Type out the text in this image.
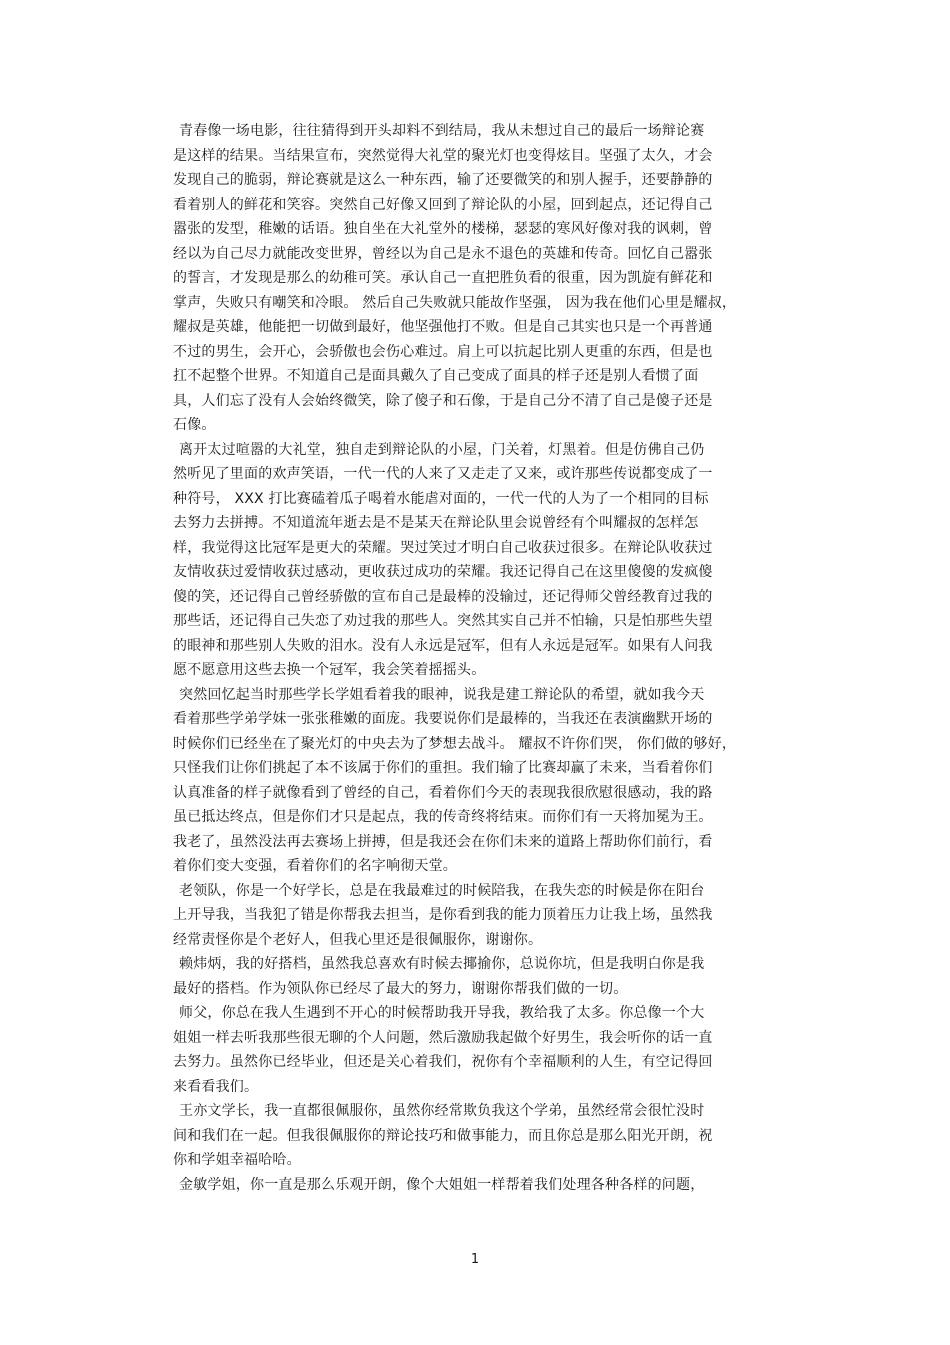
青春像一场电影，往往猜得到开头却料不到结局，我从未想过自己的最后一场辩论赛
是这样的结果。当结果宣布，突然觉得大礼堂的聚光灯也变得炫目。坚强了太久，才会
发现自己的脆弱，辩论赛就是这么一种东西，输了还要微笑的和别人握手，还要静静的
看着别人的鲜花和笑容。突然自己好像又回到了辩论队的小屋，回到起点，还记得自己
嚣张的发型，稚嫩的话语。独自坐在大礼堂外的楼梯，瑟瑟的寒风好像对我的讽刺，曾
经以为自己尽力就能改变世界，曾经以为自己是永不退色的英雄和传奇。回忆自己嚣张
的誓言，才发现是那么的幼稚可笑。承认自己一直把胜负看的很重，因为凯旋有鲜花和
掌声，失败只有嘲笑和冷眼。 然后自己失败就只能故作坚强， 因为我在他们心里是耀叔，
耀叔是英雄，他能把一切做到最好，他坚强他打不败。但是自己其实也只是一个再普通
不过的男生，会开心，会骄傲也会伤心难过。肩上可以抗起比别人更重的东西，但是也
扛不起整个世界。不知道自己是面具戴久了自己变成了面具的样子还是别人看惯了面
具，人们忘了没有人会始终微笑，除了傻子和石像，于是自己分不清了自己是傻子还是
石像。
离开太过喧嚣的大礼堂，独自走到辩论队的小屋，门关着，灯黑着。但是仿佛自己仍
然听见了里面的欢声笑语，一代一代的人来了又走走了又来，或许那些传说都变成了一
种符号， XXX 打比赛磕着瓜子喝着水能虐对面的，一代一代的人为了一个相同的目标
去努力去拼搏。不知道流年逝去是不是某天在辩论队里会说曾经有个叫耀叔的怎样怎
样，我觉得这比冠军是更大的荣耀。哭过笑过才明白自己收获过很多。在辩论队收获过
友情收获过爱情收获过感动，更收获过成功的荣耀。我还记得自己在这里傻傻的发疯傻
傻的笑，还记得自己曾经骄傲的宣布自己是最棒的没输过，还记得师父曾经教育过我的
那些话，还记得自己失恋了劝过我的那些人。突然其实自己并不怕输，只是怕那些失望
的眼神和那些别人失败的泪水。没有人永远是冠军，但有人永远是冠军。如果有人问我
愿不愿意用这些去换一个冠军，我会笑着摇摇头。
突然回忆起当时那些学长学姐看着我的眼神，说我是建工辩论队的希望，就如我今天
看着那些学弟学妹一张张稚嫩的面庞。我要说你们是最棒的，当我还在表演幽默开场的
时候你们已经坐在了聚光灯的中央去为了梦想去战斗。 耀叔不许你们哭， 你们做的够好，
只怪我们让你们挑起了本不该属于你们的重担。我们输了比赛却赢了未来，当看着你们
认真准备的样子就像看到了曾经的自己，看着你们今天的表现我很欣慰很感动，我的路
虽已抵达终点，但是你们才只是起点，我的传奇终将结束。而你们有一天将加冕为王。
我老了，虽然没法再去赛场上拼搏，但是我还会在你们未来的道路上帮助你们前行，看
着你们变大变强，看着你们的名字响彻天堂。
老领队，你是一个好学长，总是在我最难过的时候陪我，在我失恋的时候是你在阳台
上开导我，当我犯了错是你帮我去担当，是你看到我的能力顶着压力让我上场，虽然我
经常责怪你是个老好人，但我心里还是很佩服你，谢谢你。
赖炜炳，我的好搭档，虽然我总喜欢有时候去揶揄你，总说你坑，但是我明白你是我
最好的搭档。作为领队你已经尽了最大的努力，谢谢你帮我们做的一切。
师父，你总在我人生遇到不开心的时候帮助我开导我，教给我了太多。你总像一个大
姐姐一样去听我那些很无聊的个人问题，然后激励我起做个好男生，我会听你的话一直
去努力。虽然你已经毕业，但还是关心着我们，祝你有个幸福顺利的人生，有空记得回
来看看我们。
王亦文学长，我一直都很佩服你，虽然你经常欺负我这个学弟，虽然经常会很忙没时
间和我们在一起。但我很佩服你的辩论技巧和做事能力，而且你总是那么阳光开朗，祝
你和学姐幸福哈哈。
金敏学姐，你一直是那么乐观开朗，像个大姐姐一样帮着我们处理各种各样的问题，
1
